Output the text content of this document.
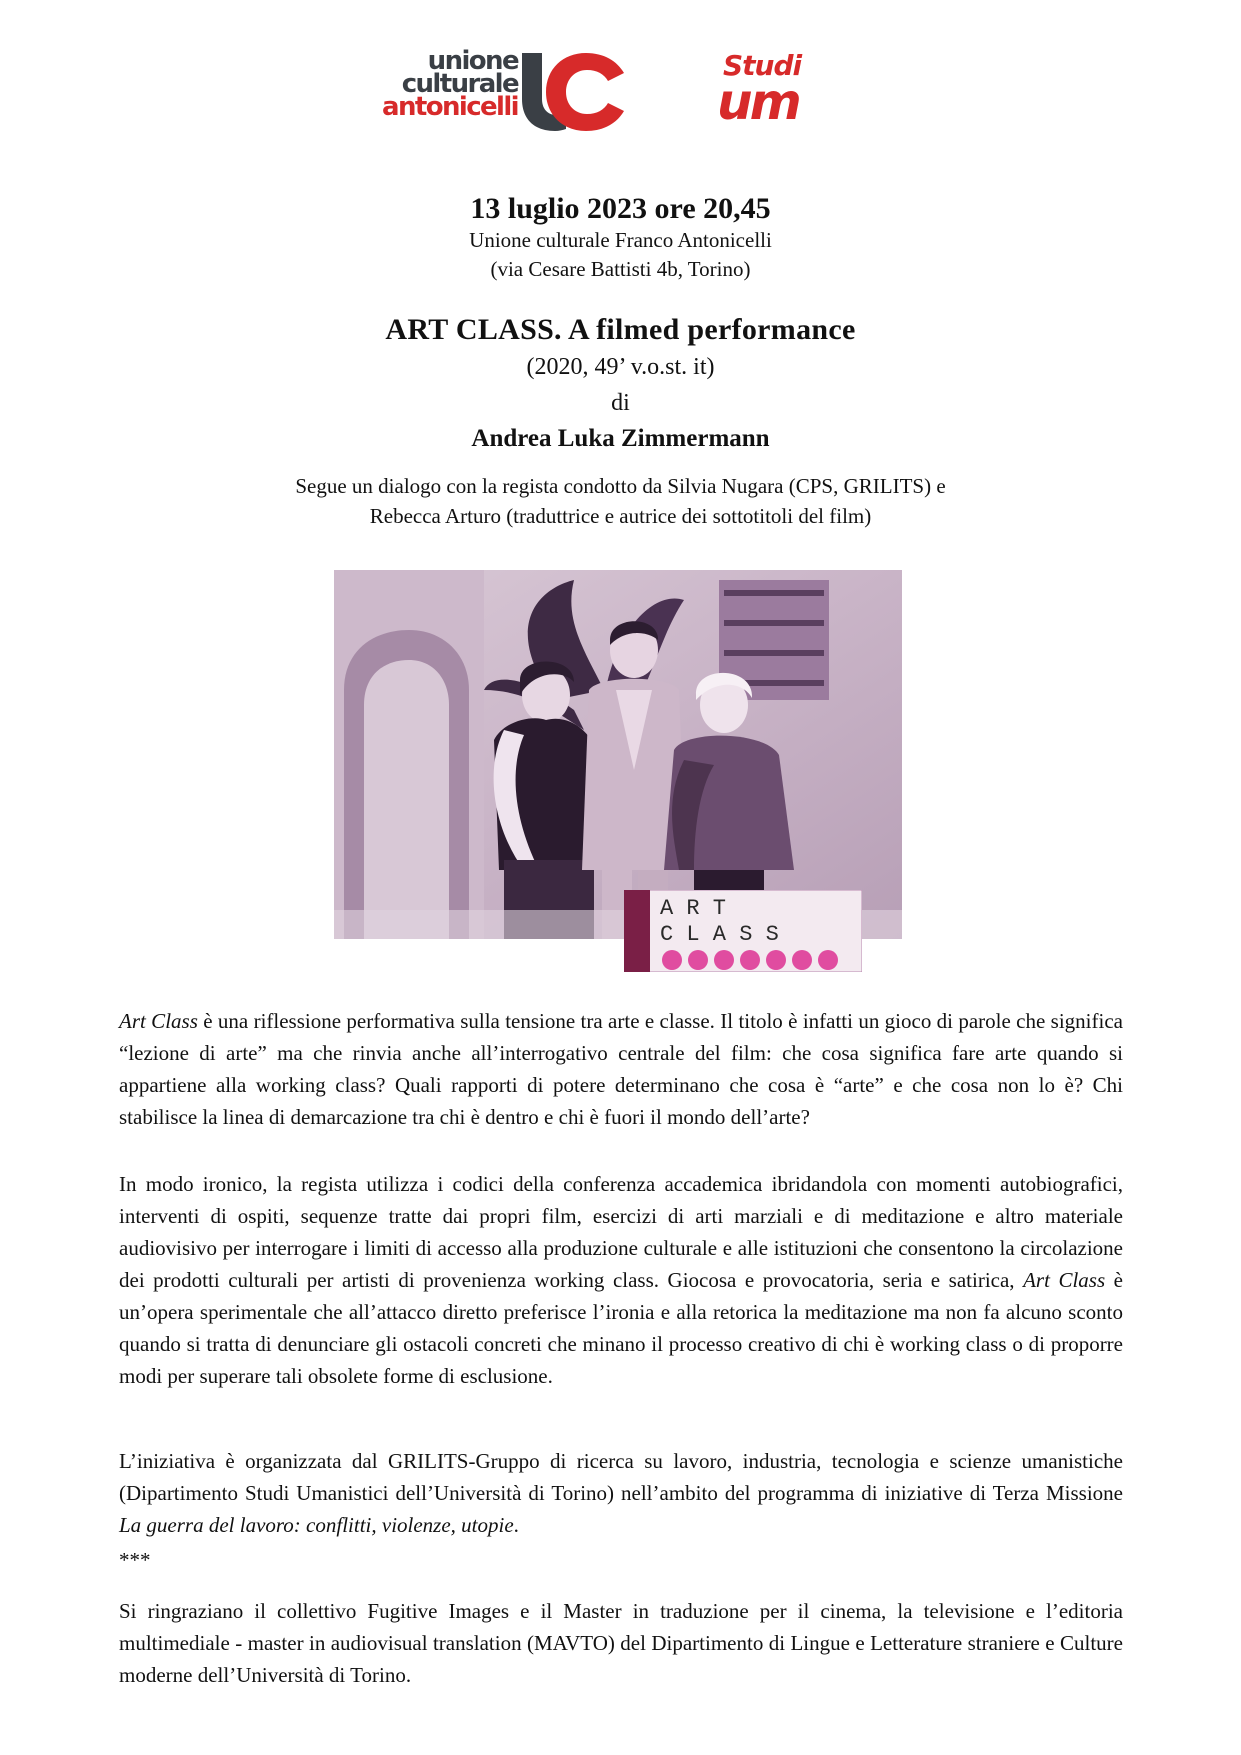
unione
culturale
antonicelli
Studi
um
13 luglio 2023 ore 20,45
Unione culturale Franco Antonicelli
(via Cesare Battisti 4b, Torino)
ART CLASS. A filmed performance
(2020, 49’ v.o.st. it)
di
Andrea Luka Zimmermann
Segue un dialogo con la regista condotto da Silvia Nugara (CPS, GRILITS) e
Rebecca Arturo (traduttrice e autrice dei sottotitoli del film)
A R T
C L A S S

Art Class è una riflessione performativa sulla tensione tra arte e classe. Il titolo è infatti un gioco di parole che significa “lezione di arte” ma che rinvia anche all’interrogativo centrale del film: che cosa significa fare arte quando si appartiene alla working class? Quali rapporti di potere determinano che cosa è “arte” e che cosa non lo è? Chi stabilisce la linea di demarcazione tra chi è dentro e chi è fuori il mondo dell’arte?

In modo ironico, la regista utilizza i codici della conferenza accademica ibridandola con momenti autobiografici, interventi di ospiti, sequenze tratte dai propri film, esercizi di arti marziali e di meditazione e altro materiale audiovisivo per interrogare i limiti di accesso alla produzione culturale e alle istituzioni che consentono la circolazione dei prodotti culturali per artisti di provenienza working class. Giocosa e provocatoria, seria e satirica, Art Class è un’opera sperimentale che all’attacco diretto preferisce l’ironia e alla retorica la meditazione ma non fa alcuno sconto quando si tratta di denunciare gli ostacoli concreti che minano il processo creativo di chi è working class o di proporre modi per superare tali obsolete forme di esclusione.

L’iniziativa è organizzata dal GRILITS-Gruppo di ricerca su lavoro, industria, tecnologia e scienze umanistiche (Dipartimento Studi Umanistici dell’Università di Torino) nell’ambito del programma di iniziative di Terza Missione La guerra del lavoro: conflitti, violenze, utopie.

***

Si ringraziano il collettivo Fugitive Images e il Master in traduzione per il cinema, la televisione e l’editoria multimediale - master in audiovisual translation (MAVTO) del Dipartimento di Lingue e Letterature straniere e Culture moderne dell’Università di Torino.
